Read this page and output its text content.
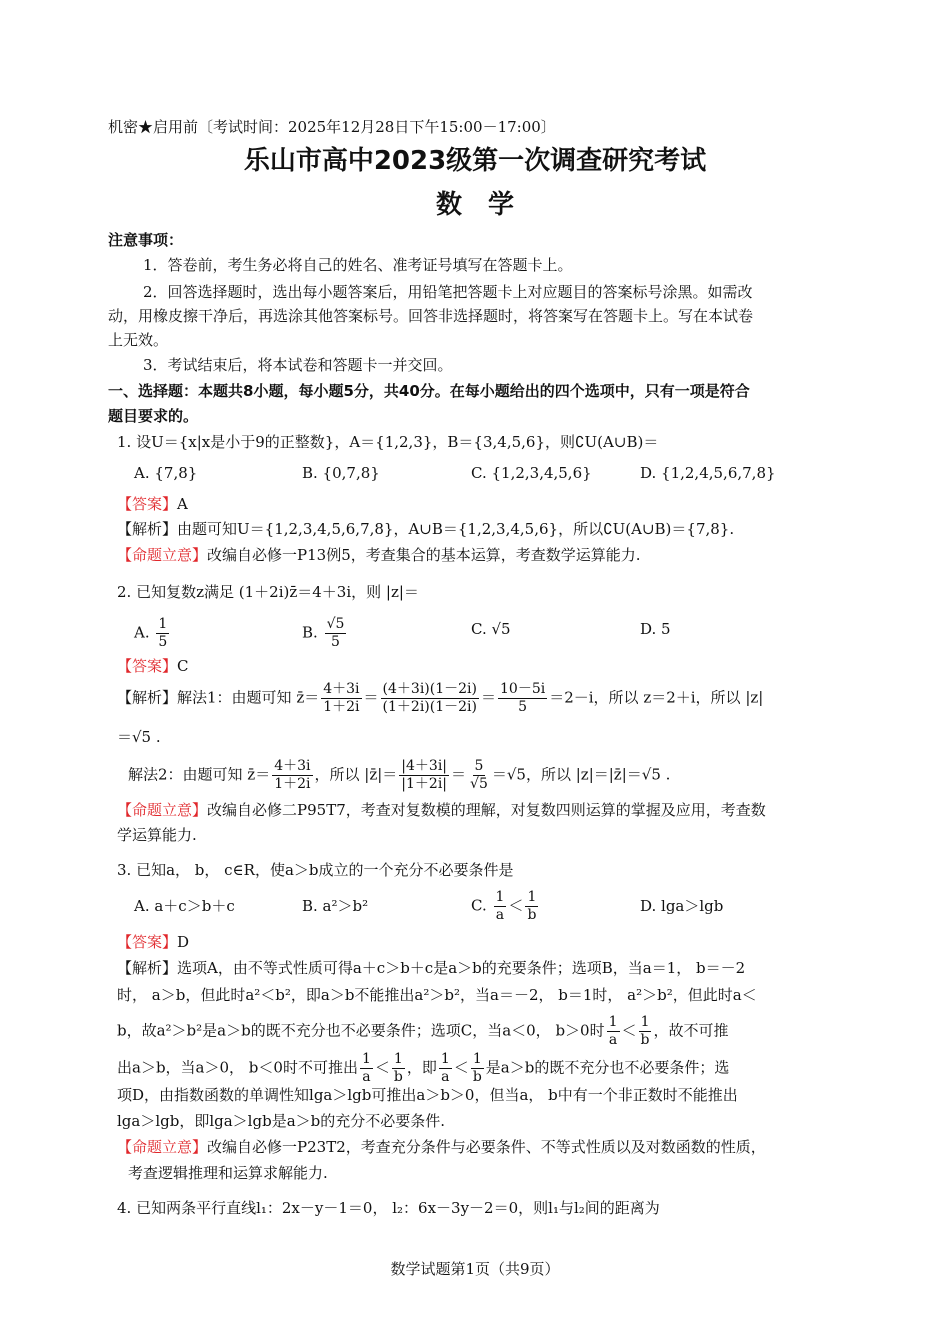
机密★启用前〔考试时间：2025年12月28日下午15:00－17:00〕
乐山市高中2023级第一次调查研究考试
数　学
注意事项：
1．答卷前，考生务必将自己的姓名、准考证号填写在答题卡上。
2．回答选择题时，选出每小题答案后，用铅笔把答题卡上对应题目的答案标号涂黑。如需改
动，用橡皮擦干净后，再选涂其他答案标号。回答非选择题时，将答案写在答题卡上。写在本试卷
上无效。
3．考试结束后，将本试卷和答题卡一并交回。
一、选择题：本题共8小题，每小题5分，共40分。在每小题给出的四个选项中，只有一项是符合
题目要求的。
1. 设U＝{x|x是小于9的正整数}，A＝{1,2,3}，B＝{3,4,5,6}，则∁U(A∪B)＝
A. {7,8}	B. {0,7,8}	C. {1,2,3,4,5,6}	D. {1,2,4,5,6,7,8}
【答案】A
【解析】由题可知U＝{1,2,3,4,5,6,7,8}，A∪B＝{1,2,3,4,5,6}，所以∁U(A∪B)＝{7,8}.
【命题立意】改编自必修一P13例5，考查集合的基本运算，考查数学运算能力.
2. 已知复数z满足 (1＋2i)z̄＝4＋3i，则 |z|＝
A. $\frac{1}{5}$	B. $\frac{√5}{5}$	C. √5	D. 5
【答案】C
【解析】解法1：由题可知 z̄＝ $\frac{4+3i}{1+2i} = \frac{(4+3i)(1-2i)}{(1+2i)(1-2i)} = \frac{10-5i}{5} =2-i$，所以 z＝2＋i，所以 |z|
＝√5 .
解法2：由题可知 z̄＝ $\frac{4+3i}{1+2i}$ ，所以 |z̄|＝ $\frac{|4+3i|}{|1+2i|} = \frac{5}{√5} =√5$，所以 |z|＝|z̄|＝√5 .
【命题立意】改编自必修二P95T7，考查对复数模的理解，对复数四则运算的掌握及应用，考查数
学运算能力.
3. 已知a， b， c∈R，使a＞b成立的一个充分不必要条件是
A. a＋c＞b＋c	B. a²＞b²	C. $\frac{1}{a} < \frac{1}{b}$	D. lga＞lgb
【答案】D
【解析】选项A，由不等式性质可得a＋c＞b＋c是a＞b的充要条件；选项B，当a＝1， b＝－2
时， a＞b，但此时a²＜b²，即a＞b不能推出a²＞b²，当a＝－2， b＝1时， a²＞b²，但此时a＜
b，故a²＞b²是a＞b的既不充分也不必要条件；选项C，当a＜0， b＞0时 $\frac{1}{a} < \frac{1}{b}$ ，故不可推
出a＞b，当a＞0， b＜0时不可推出 $\frac{1}{a} < \frac{1}{b}$ ，即 $\frac{1}{a} < \frac{1}{b}$ 是a＞b的既不充分也不必要条件；选
项D，由指数函数的单调性知lga＞lgb可推出a＞b＞0，但当a， b中有一个非正数时不能推出
lga＞lgb，即lga＞lgb是a＞b的充分不必要条件.
【命题立意】改编自必修一P23T2，考查充分条件与必要条件、不等式性质以及对数函数的性质，
考查逻辑推理和运算求解能力.
4. 已知两条平行直线l₁：2x－y－1＝0， l₂：6x－3y－2＝0，则l₁与l₂间的距离为
数学试题第1页（共9页）
